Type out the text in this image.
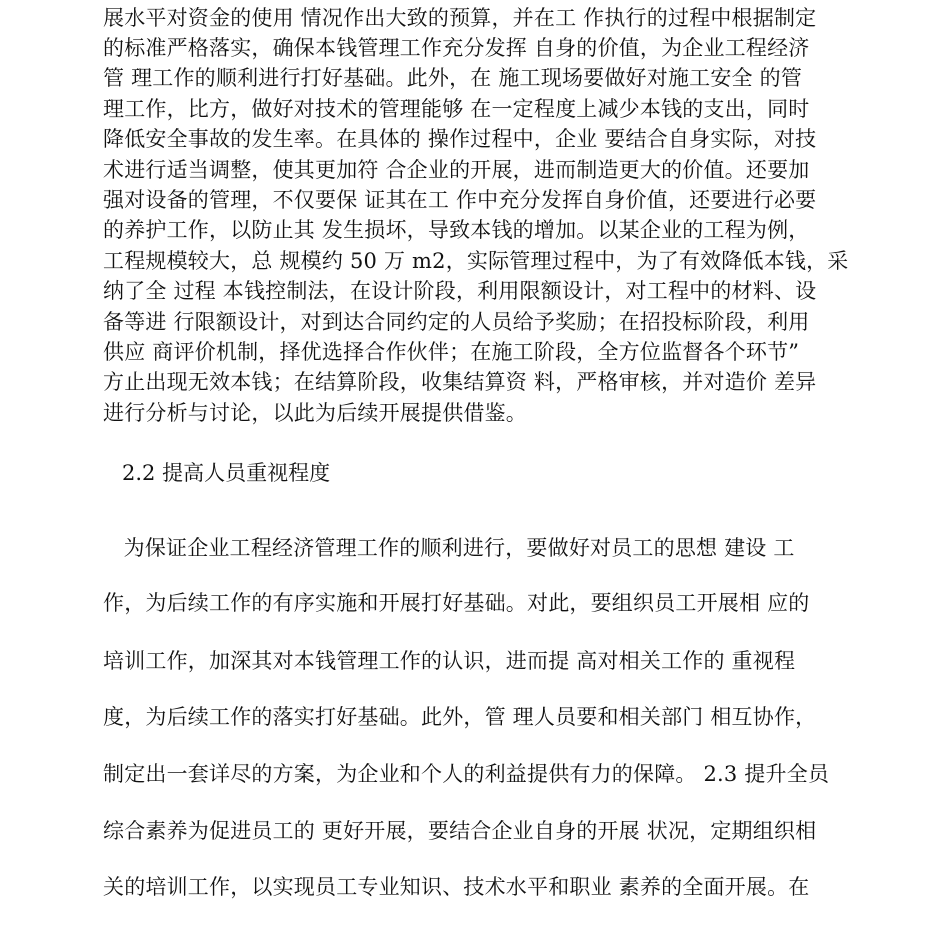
展水平对资金的使用 情况作出大致的预算，并在工 作执行的过程中根据制定
的标准严格落实，确保本钱管理工作充分发挥 自身的价值，为企业工程经济
管 理工作的顺利进行打好基础。此外，在 施工现场要做好对施工安全 的管
理工作，比方，做好对技术的管理能够 在一定程度上减少本钱的支出，同时
降低安全事故的发生率。在具体的 操作过程中，企业 要结合自身实际，对技
术进行适当调整，使其更加符 合企业的开展，进而制造更大的价值。还要加
强对设备的管理，不仅要保 证其在工 作中充分发挥自身价值，还要进行必要
的养护工作，以防止其 发生损坏，导致本钱的增加。以某企业的工程为例，
工程规模较大，总 规模约 50 万 m2，实际管理过程中，为了有效降低本钱，采
纳了全 过程 本钱控制法，在设计阶段，利用限额设计，对工程中的材料、设
备等进 行限额设计，对到达合同约定的人员给予奖励；在招投标阶段，利用
供应 商评价机制，择优选择合作伙伴；在施工阶段，全方位监督各个环节”
方止出现无效本钱；在结算阶段，收集结算资 料，严格审核，并对造价 差异
进行分析与讨论，以此为后续开展提供借鉴。
2.2 提高人员重视程度
为保证企业工程经济管理工作的顺利进行，要做好对员工的思想 建设 工
作，为后续工作的有序实施和开展打好基础。对此，要组织员工开展相 应的
培训工作，加深其对本钱管理工作的认识，进而提 高对相关工作的 重视程
度，为后续工作的落实打好基础。此外，管 理人员要和相关部门 相互协作，
制定出一套详尽的方案，为企业和个人的利益提供有力的保障。 2.3 提升全员
综合素养为促进员工的 更好开展，要结合企业自身的开展 状况，定期组织相
关的培训工作，以实现员工专业知识、技术水平和职业 素养的全面开展。在
